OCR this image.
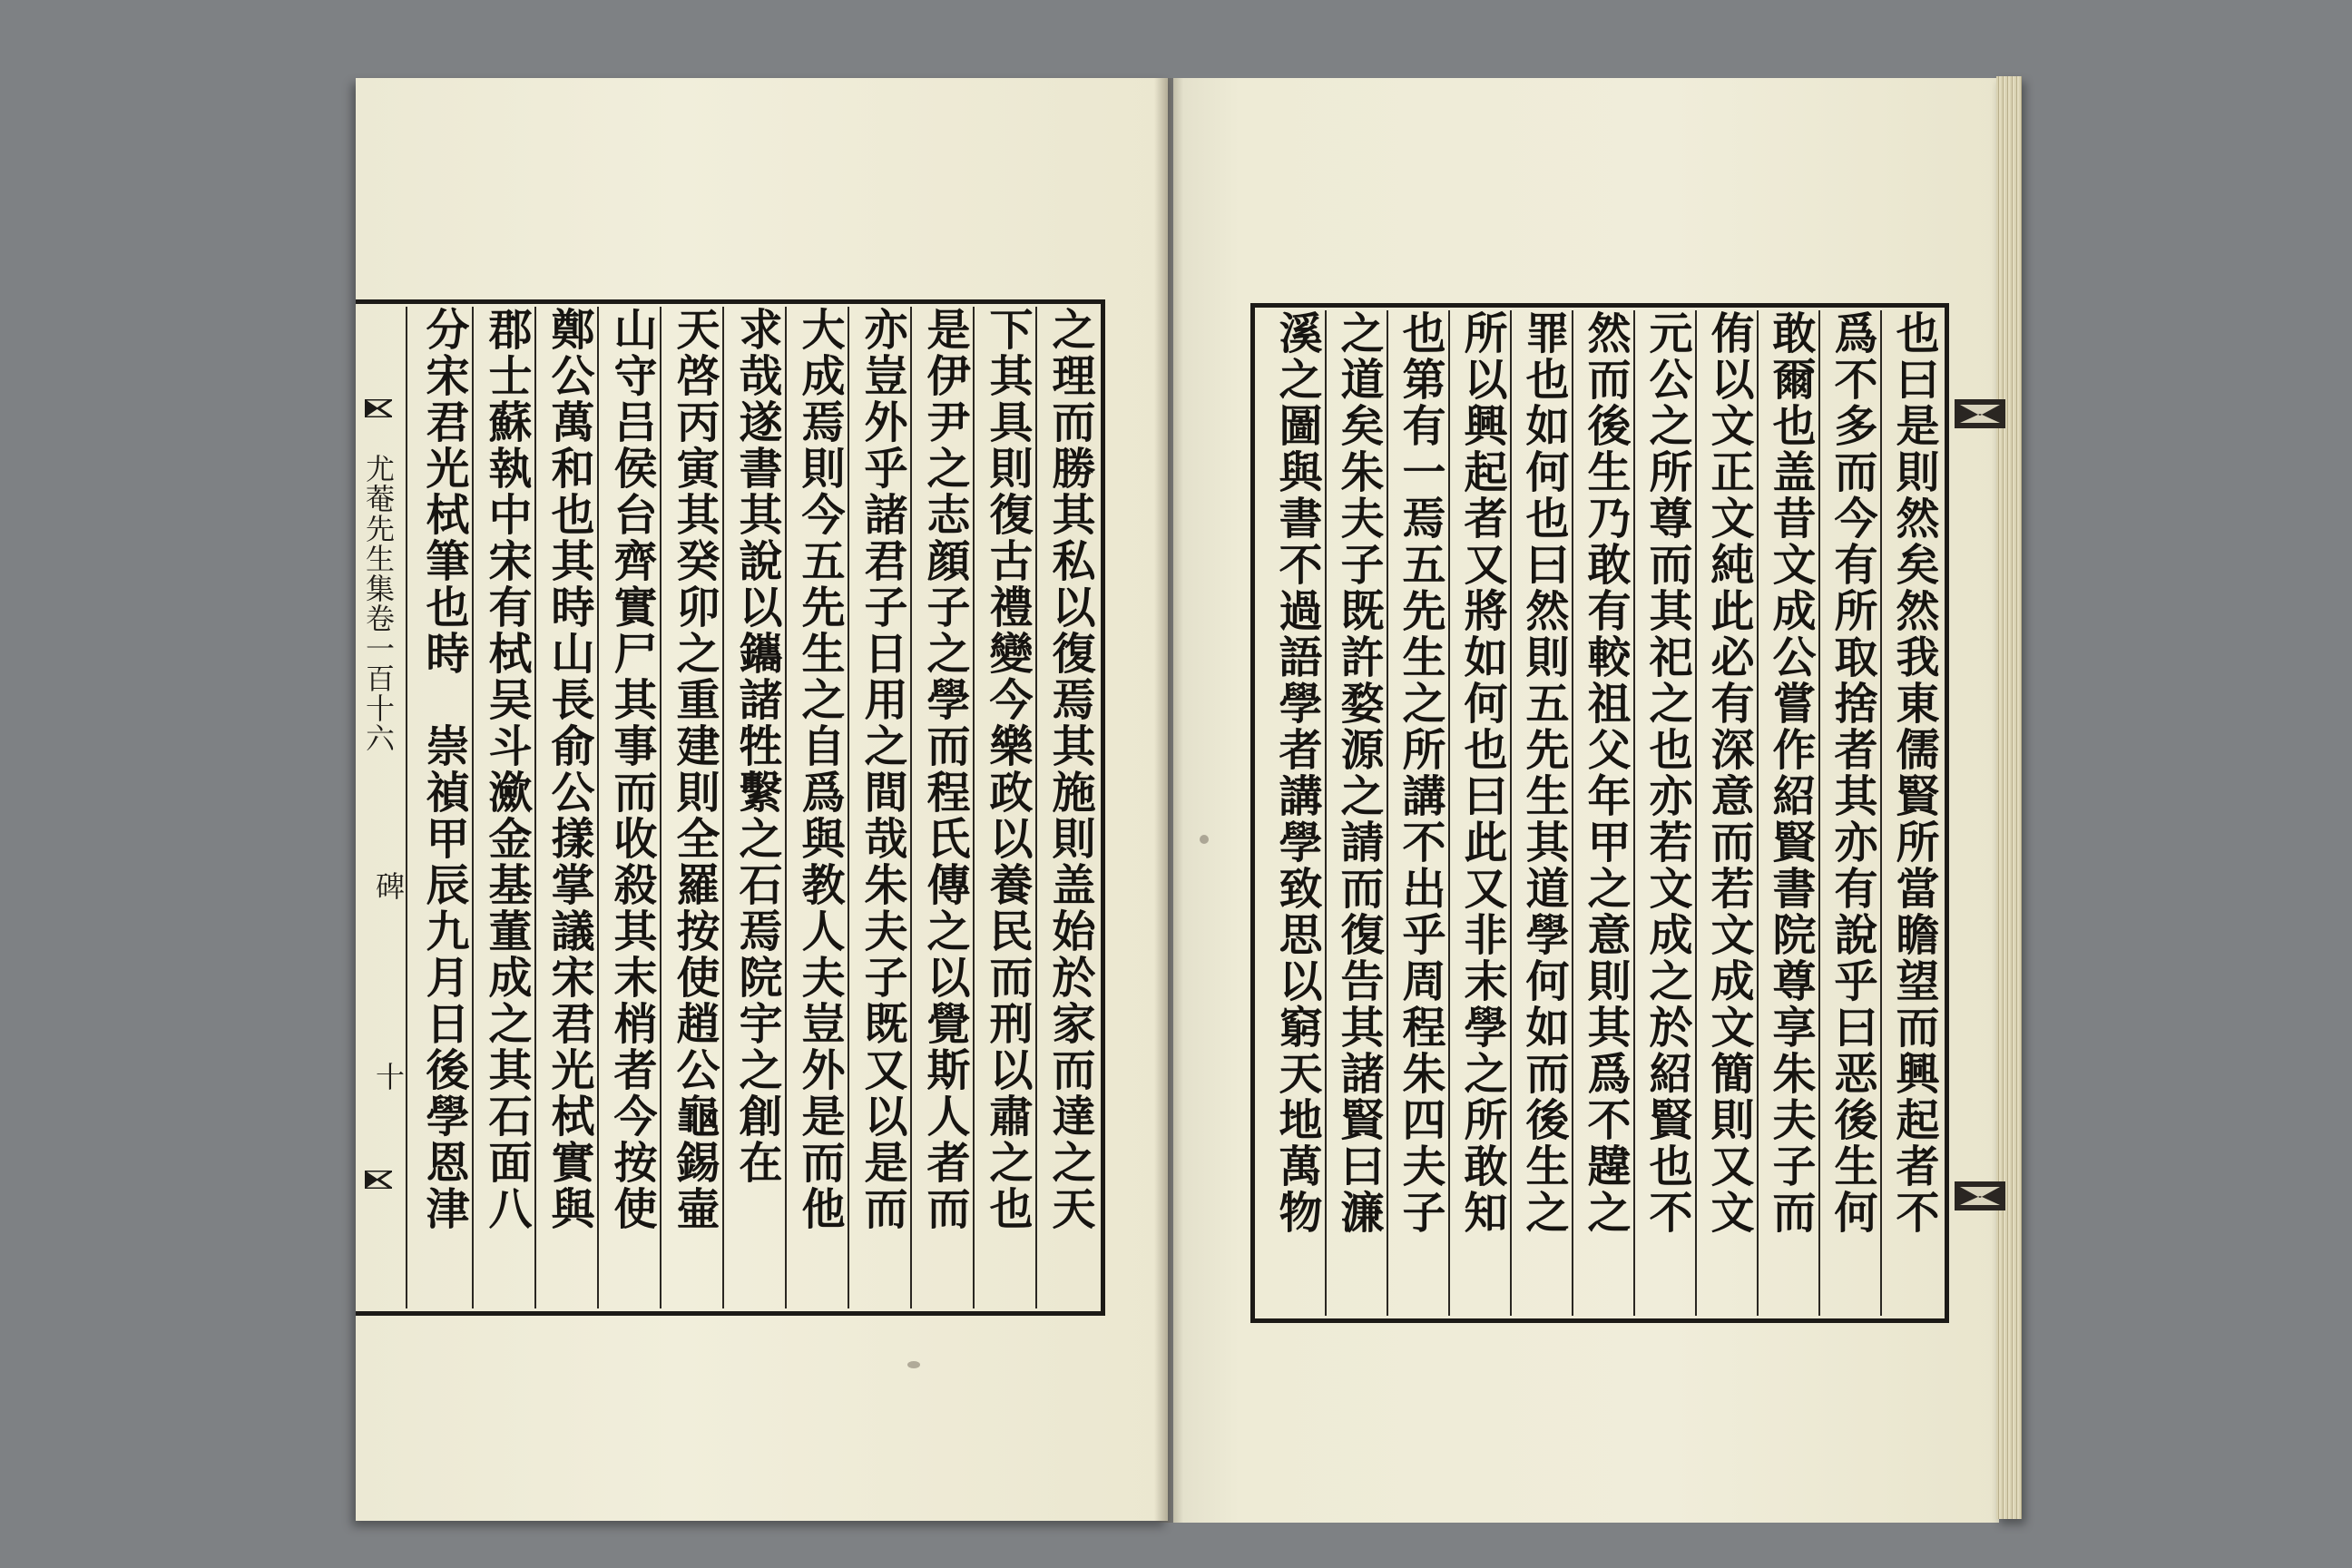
尤菴先生集卷一百十六
碑
十	之理而勝其私以復焉其施則盖始於家而達之天
下其具則復古禮變今樂政以養民而刑以肅之也
是伊尹之志顔子之學而程氏傳之以覺斯人者而
亦豈外乎諸君子日用之間哉朱夫子既又以是而
大成焉則今五先生之自爲與教人夫豈外是而他
求哉遂書其說以鑴諸牲繫之石焉院宇之創在
天啓丙寅其癸卯之重建則全羅按使趙公龜錫壷
山守吕侯台齊實尸其事而收殺其末梢者今按使
鄭公萬和也其時山長俞公㨾掌議宋君光栻實與
郡士蘇執中宋有栻吴斗㶑金基董成之其石面八
分宋君光栻筆也時　崇禎甲辰九月日後學恩津	也曰是則然矣然我東儒賢所當瞻望而興起者不
爲不多而今有所取捨者其亦有說乎曰恶後生何
敢爾也盖昔文成公嘗作紹賢書院尊享朱夫子而
侑以文正文純此必有深意而若文成文簡則又文
元公之所尊而其祀之也亦若文成之於紹賢也不
然而後生乃敢有較祖父年甲之意則其爲不韙之
罪也如何也曰然則五先生其道學何如而後生之
所以興起者又將如何也曰此又非末學之所敢知
也第有一焉五先生之所講不出乎周程朱四夫子
之道矣朱夫子既許婺源之請而復告其諸賢曰濂
溪之圖與書不過語學者講學致思以窮天地萬物
